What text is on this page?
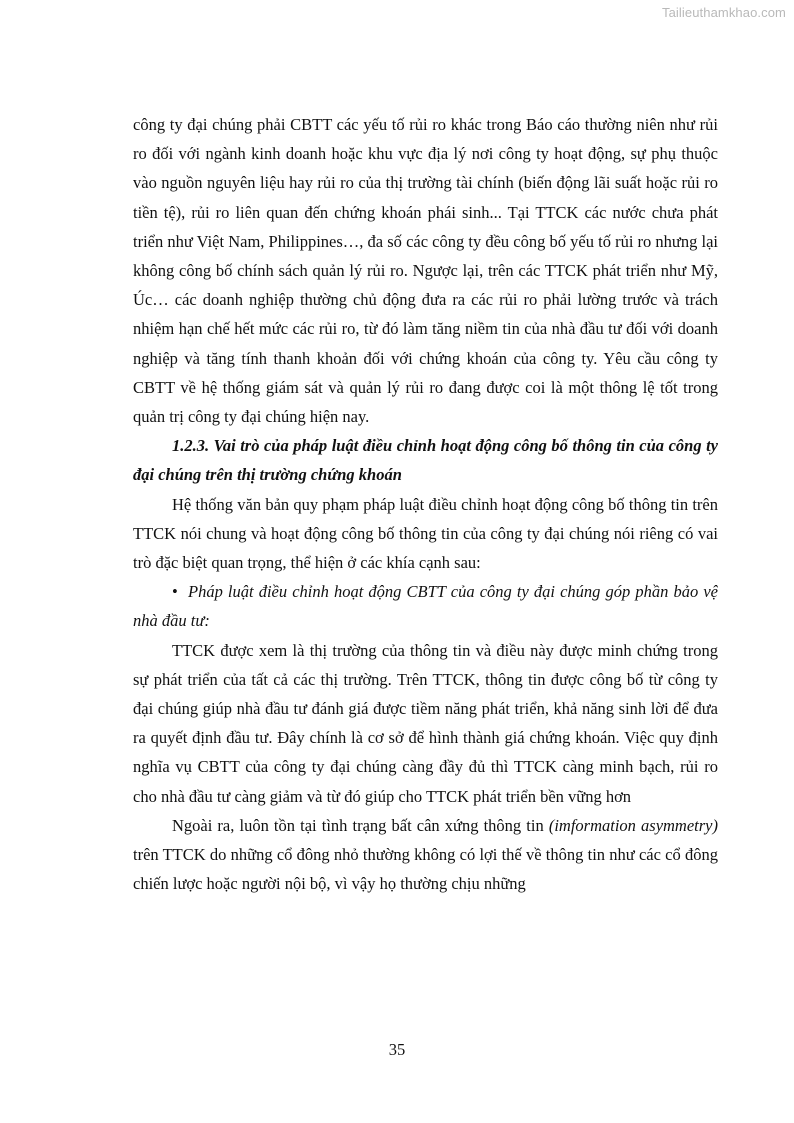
Tailieuthamkhao.com

công ty đại chúng phải CBTT các yếu tố rủi ro khác trong Báo cáo thường niên như rủi ro đối với ngành kinh doanh hoặc khu vực địa lý nơi công ty hoạt động, sự phụ thuộc vào nguồn nguyên liệu hay rủi ro của thị trường tài chính (biến động lãi suất hoặc rủi ro tiền tệ), rủi ro liên quan đến chứng khoán phái sinh... Tại TTCK các nước chưa phát triển như Việt Nam, Philippines…, đa số các công ty đều công bố yếu tố rủi ro nhưng lại không công bố chính sách quản lý rủi ro. Ngược lại, trên các TTCK phát triển như Mỹ, Úc… các doanh nghiệp thường chủ động đưa ra các rủi ro phải lường trước và trách nhiệm hạn chế hết mức các rủi ro, từ đó làm tăng niềm tin của nhà đầu tư đối với doanh nghiệp và tăng tính thanh khoản đối với chứng khoán của công ty. Yêu cầu công ty CBTT về hệ thống giám sát và quản lý rủi ro đang được coi là một thông lệ tốt trong quản trị công ty đại chúng hiện nay.

1.2.3. Vai trò của pháp luật điều chỉnh hoạt động công bố thông tin của công ty đại chúng trên thị trường chứng khoán

Hệ thống văn bản quy phạm pháp luật điều chỉnh hoạt động công bố thông tin trên TTCK nói chung và hoạt động công bố thông tin của công ty đại chúng nói riêng có vai trò đặc biệt quan trọng, thể hiện ở các khía cạnh sau:

• Pháp luật điều chỉnh hoạt động CBTT của công ty đại chúng góp phần bảo vệ nhà đầu tư:

TTCK được xem là thị trường của thông tin và điều này được minh chứng trong sự phát triển của tất cả các thị trường. Trên TTCK, thông tin được công bố từ công ty đại chúng giúp nhà đầu tư đánh giá được tiềm năng phát triển, khả năng sinh lời để đưa ra quyết định đầu tư. Đây chính là cơ sở để hình thành giá chứng khoán. Việc quy định nghĩa vụ CBTT của công ty đại chúng càng đầy đủ thì TTCK càng minh bạch, rủi ro cho nhà đầu tư càng giảm và từ đó giúp cho TTCK phát triển bền vững hơn

Ngoài ra, luôn tồn tại tình trạng bất cân xứng thông tin (imformation asymmetry) trên TTCK do những cổ đông nhỏ thường không có lợi thế về thông tin như các cổ đông chiến lược hoặc người nội bộ, vì vậy họ thường chịu những

35
